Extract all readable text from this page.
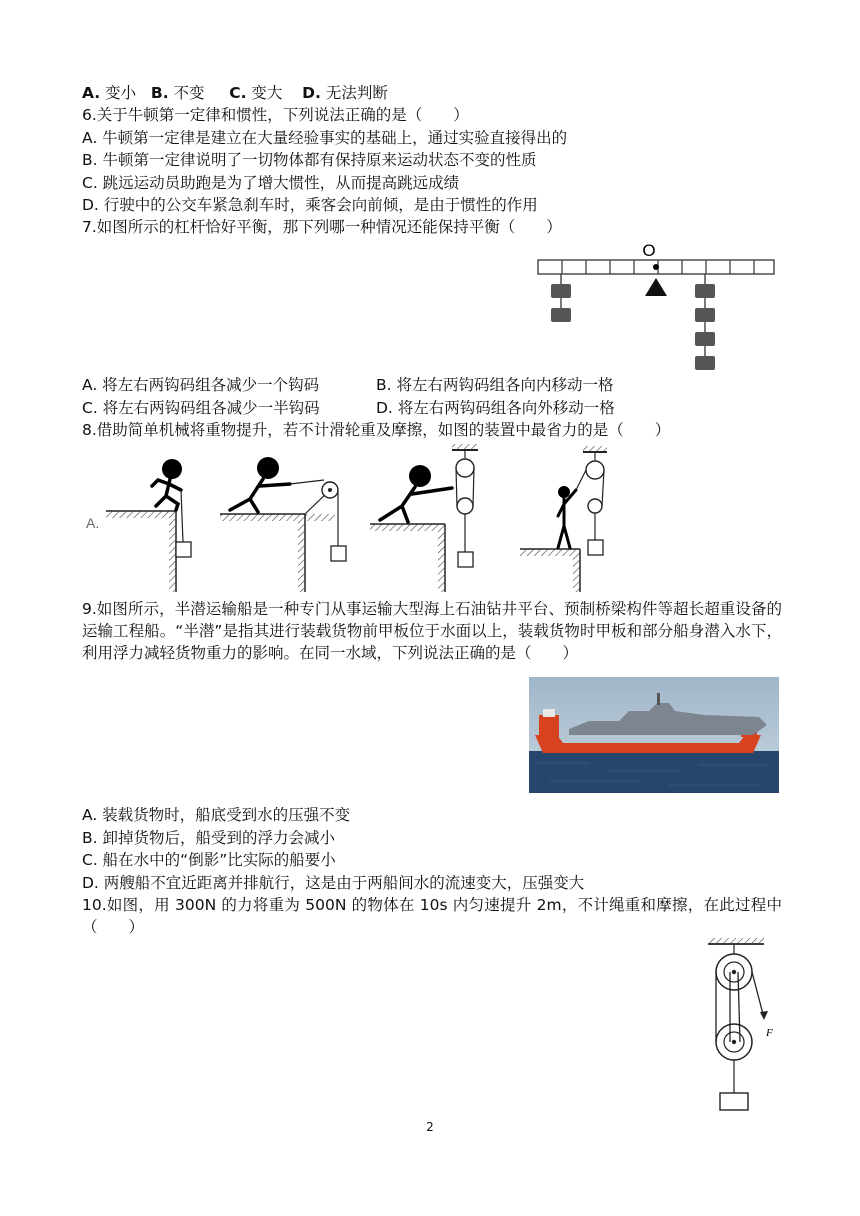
A. 变小 B. 不变 C. 变大 D. 无法判断
6.关于牛顿第一定律和惯性，下列说法正确的是（　　）
A. 牛顿第一定律是建立在大量经验事实的基础上，通过实验直接得出的
B. 牛顿第一定律说明了一切物体都有保持原来运动状态不变的性质
C. 跳远运动员助跑是为了增大惯性，从而提高跳远成绩
D. 行驶中的公交车紧急刹车时，乘客会向前倾，是由于惯性的作用
7.如图所示的杠杆恰好平衡，那下列哪一种情况还能保持平衡（　　）
O
A. 将左右两钩码组各减少一个钩码	B. 将左右两钩码组各向内移动一格
C. 将左右两钩码组各减少一半钩码	D. 将左右两钩码组各向外移动一格
8.借助简单机械将重物提升，若不计滑轮重及摩擦，如图的装置中最省力的是（　　）
A.
9.如图所示，半潜运输船是一种专门从事运输大型海上石油钻井平台、预制桥梁构件等超长超重设备的运输工程船。“半潜”是指其进行装载货物前甲板位于水面以上，装载货物时甲板和部分船身潜入水下，利用浮力减轻货物重力的影响。在同一水域，下列说法正确的是（　　）
A. 装载货物时，船底受到水的压强不变
B. 卸掉货物后，船受到的浮力会减小
C. 船在水中的“倒影”比实际的船要小
D. 两艘船不宜近距离并排航行，这是由于两船间水的流速变大，压强变大
10.如图，用 300N 的力将重为 500N 的物体在 10s 内匀速提升 2m，不计绳重和摩擦，在此过程中（　　）
F
2
